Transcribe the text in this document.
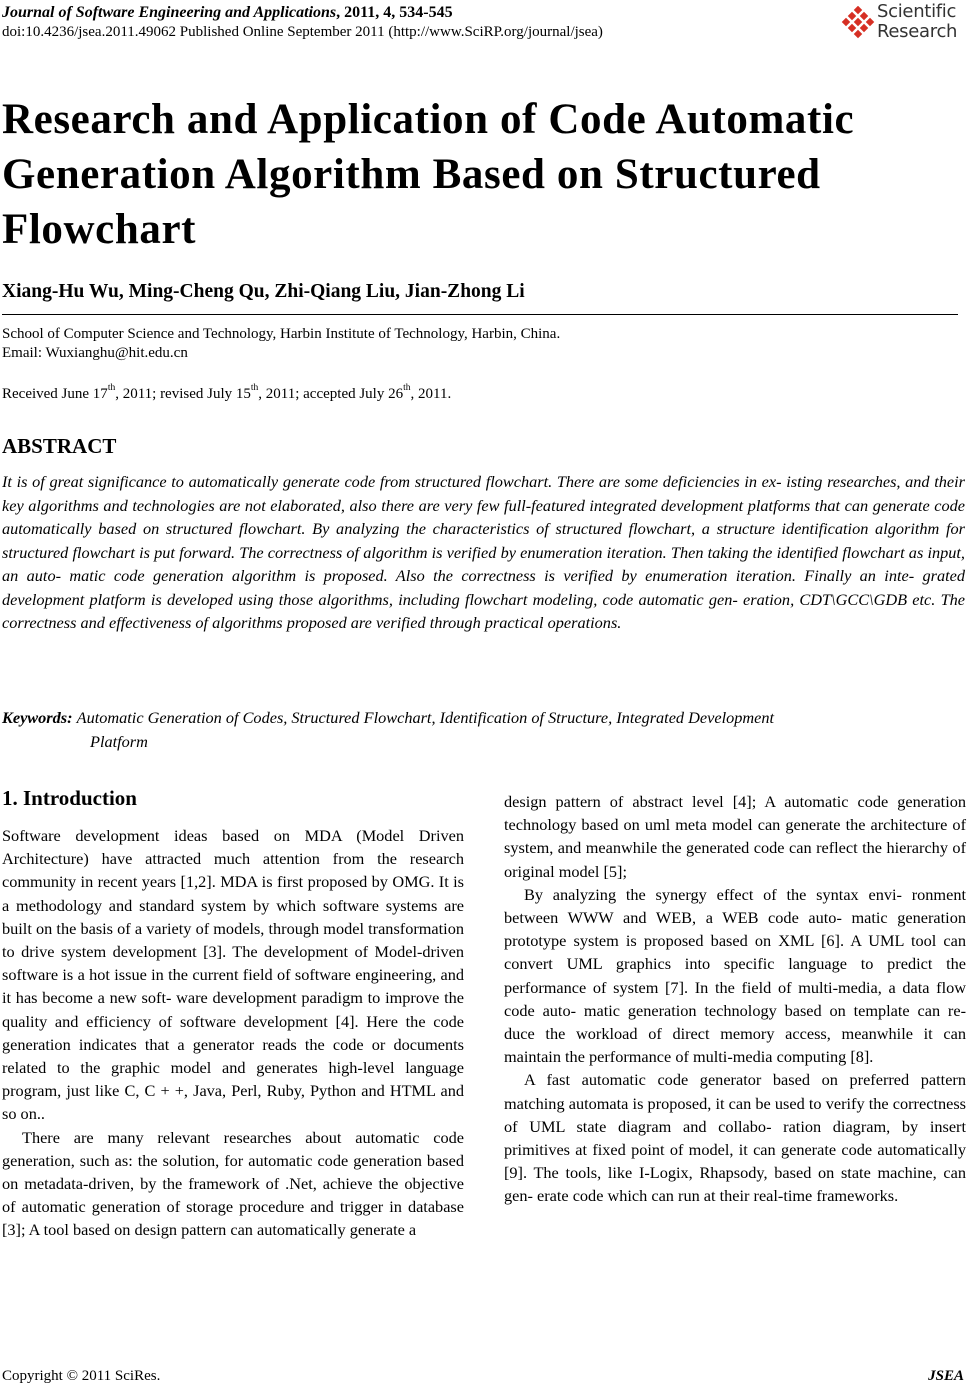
Journal of Software Engineering and Applications, 2011, 4, 534-545
doi:10.4236/jsea.2011.49062 Published Online September 2011 (http://www.SciRP.org/journal/jsea)
Scientific
Research
Research and Application of Code Automatic
Generation Algorithm Based on Structured
Flowchart
Xiang-Hu Wu, Ming-Cheng Qu, Zhi-Qiang Liu, Jian-Zhong Li
School of Computer Science and Technology, Harbin Institute of Technology, Harbin, China.
Email: Wuxianghu@hit.edu.cn
Received June 17th, 2011; revised July 15th, 2011; accepted July 26th, 2011.
ABSTRACT

It is of great significance to automatically generate code from structured flowchart. There are some deficiencies in ex- isting researches, and their key algorithms and technologies are not elaborated, also there are very few full-featured integrated development platforms that can generate code automatically based on structured flowchart. By analyzing the characteristics of structured flowchart, a structure identification algorithm for structured flowchart is put forward. The correctness of algorithm is verified by enumeration iteration. Then taking the identified flowchart as input, an auto- matic code generation algorithm is proposed. Also the correctness is verified by enumeration iteration. Finally an inte- grated development platform is developed using those algorithms, including flowchart modeling, code automatic gen- eration, CDT\GCC\GDB etc. The correctness and effectiveness of algorithms proposed are verified through practical operations.

Keywords: Automatic Generation of Codes, Structured Flowchart, Identification of Structure, Integrated Development
Platform
1. Introduction

Software development ideas based on MDA (Model Driven Architecture) have attracted much attention from the research community in recent years [1,2]. MDA is first proposed by OMG. It is a methodology and standard system by which software systems are built on the basis of a variety of models, through model transformation to drive system development [3]. The development of Model-driven software is a hot issue in the current field of software engineering, and it has become a new soft- ware development paradigm to improve the quality and efficiency of software development [4]. Here the code generation indicates that a generator reads the code or documents related to the graphic model and generates high-level language program, just like C, C + +, Java, Perl, Ruby, Python and HTML and so on..

There are many relevant researches about automatic code generation, such as: the solution, for automatic code generation based on metadata-driven, by the framework of .Net, achieve the objective of automatic generation of storage procedure and trigger in database [3]; A tool based on design pattern can automatically generate a

design pattern of abstract level [4]; A automatic code generation technology based on uml meta model can generate the architecture of system, and meanwhile the generated code can reflect the hierarchy of original model [5];

By analyzing the synergy effect of the syntax envi- ronment between WWW and WEB, a WEB code auto- matic generation prototype system is proposed based on XML [6]. A UML tool can convert UML graphics into specific language to predict the performance of system [7]. In the field of multi-media, a data flow code auto- matic generation technology based on template can re- duce the workload of direct memory access, meanwhile it can maintain the performance of multi-media computing [8].

A fast automatic code generator based on preferred pattern matching automata is proposed, it can be used to verify the correctness of UML state diagram and collabo- ration diagram, by insert primitives at fixed point of model, it can generate code automatically [9]. The tools, like I-Logix, Rhapsody, based on state machine, can gen- erate code which can run at their real-time frameworks.

Copyright © 2011 SciRes.	JSEA
